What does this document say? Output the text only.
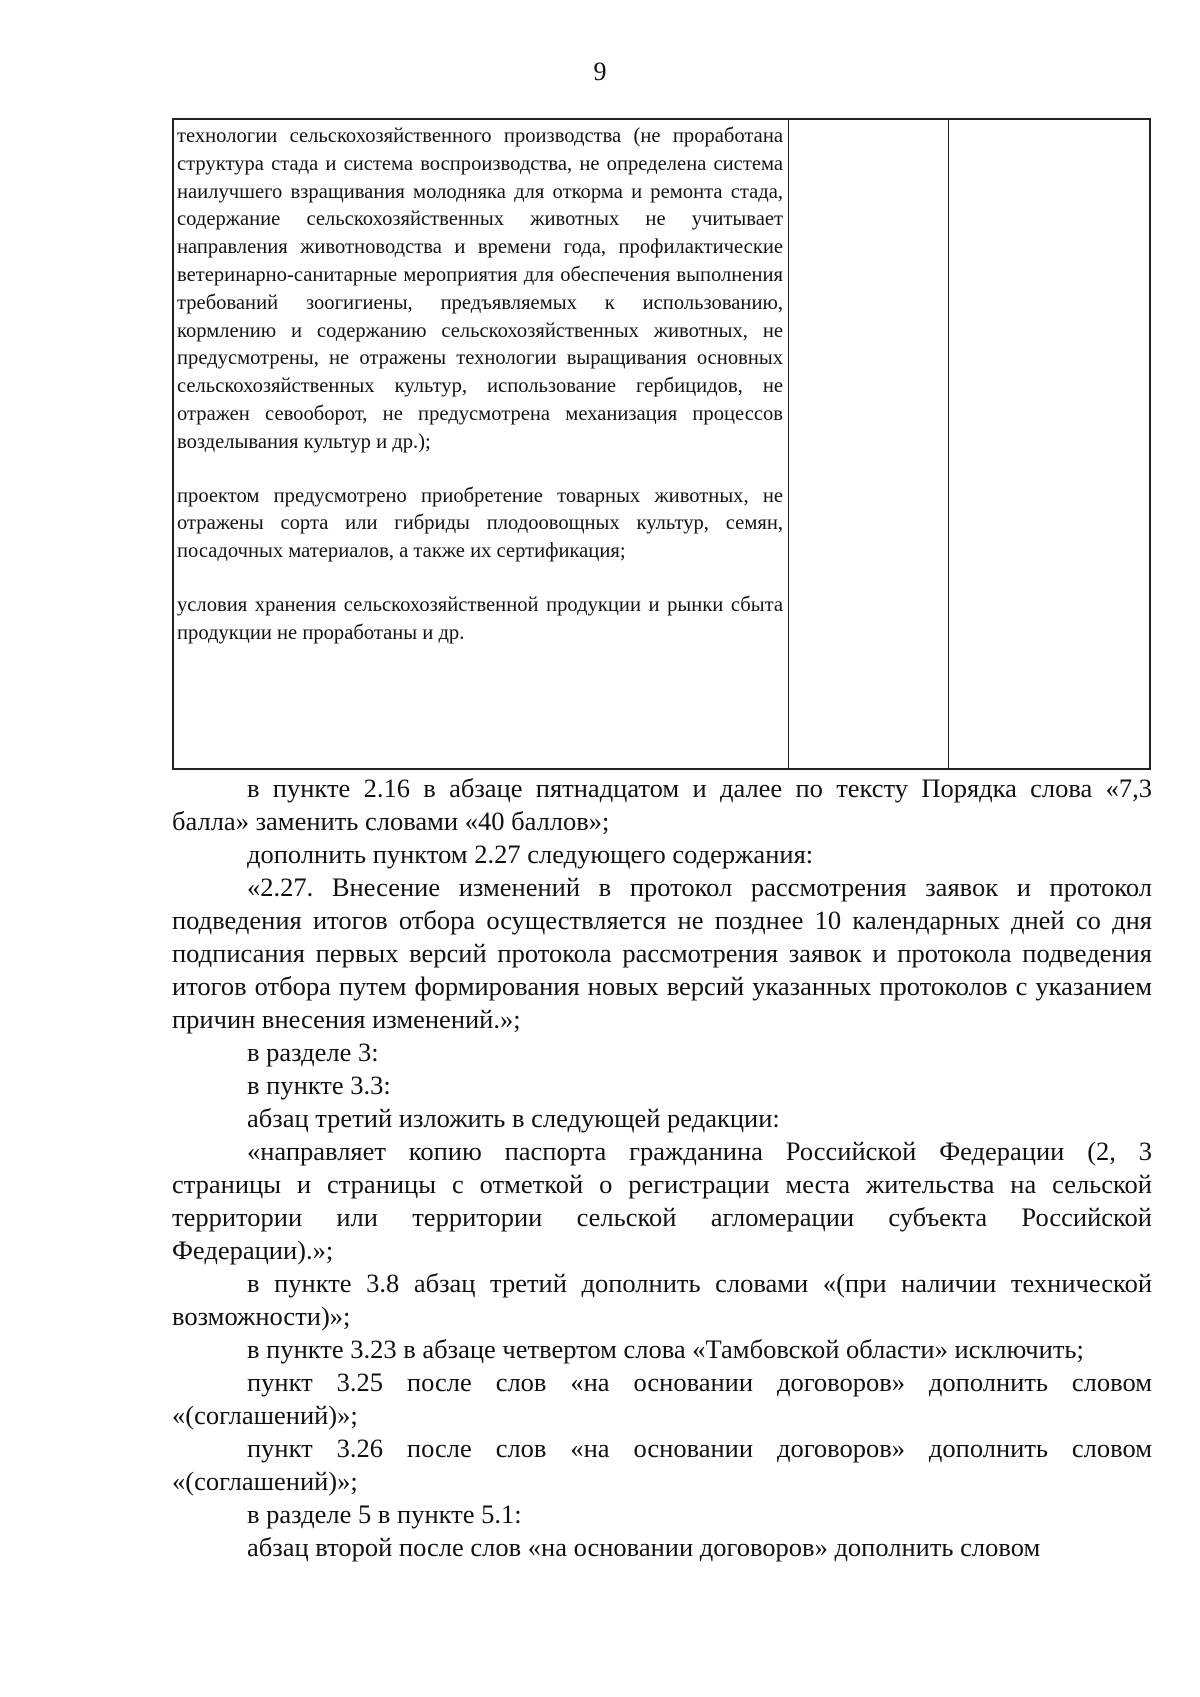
9

технологии сельскохозяйственного производства (не проработана структура стада и система воспроизводства, не определена система наилучшего взращивания молодняка для откорма и ремонта стада, содержание сельскохозяйственных животных не учитывает направления животноводства и времени года, профилактические ветеринарно-санитарные мероприятия для обеспечения выполнения требований зоогигиены, предъявляемых к использованию, кормлению и содержанию сельскохозяйственных животных, не предусмотрены, не отражены технологии выращивания основных сельскохозяйственных культур, использование гербицидов, не отражен севооборот, не предусмотрена механизация процессов возделывания культур и др.);

проектом предусмотрено приобретение товарных животных, не отражены сорта или гибриды плодоовощных культур, семян, посадочных материалов, а также их сертификация;

условия хранения сельскохозяйственной продукции и рынки сбыта продукции не проработаны и др.

в пункте 2.16 в абзаце пятнадцатом и далее по тексту Порядка слова «7,3 балла» заменить словами «40 баллов»;

дополнить пунктом 2.27 следующего содержания:

«2.27. Внесение изменений в протокол рассмотрения заявок и протокол подведения итогов отбора осуществляется не позднее 10 календарных дней со дня подписания первых версий протокола рассмотрения заявок и протокола подведения итогов отбора путем формирования новых версий указанных протоколов с указанием причин внесения изменений.»;

в разделе 3:

в пункте 3.3:

абзац третий изложить в следующей редакции:

«направляет копию паспорта гражданина Российской Федерации (2, 3 страницы и страницы с отметкой о регистрации места жительства на сельской территории или территории сельской агломерации субъекта Российской Федерации).»;

в пункте 3.8 абзац третий дополнить словами «(при наличии технической возможности)»;

в пункте 3.23 в абзаце четвертом слова «Тамбовской области» исключить;

пункт 3.25 после слов «на основании договоров» дополнить словом «(соглашений)»;

пункт 3.26 после слов «на основании договоров» дополнить словом «(соглашений)»;

в разделе 5 в пункте 5.1:

абзац второй после слов «на основании договоров» дополнить словом
